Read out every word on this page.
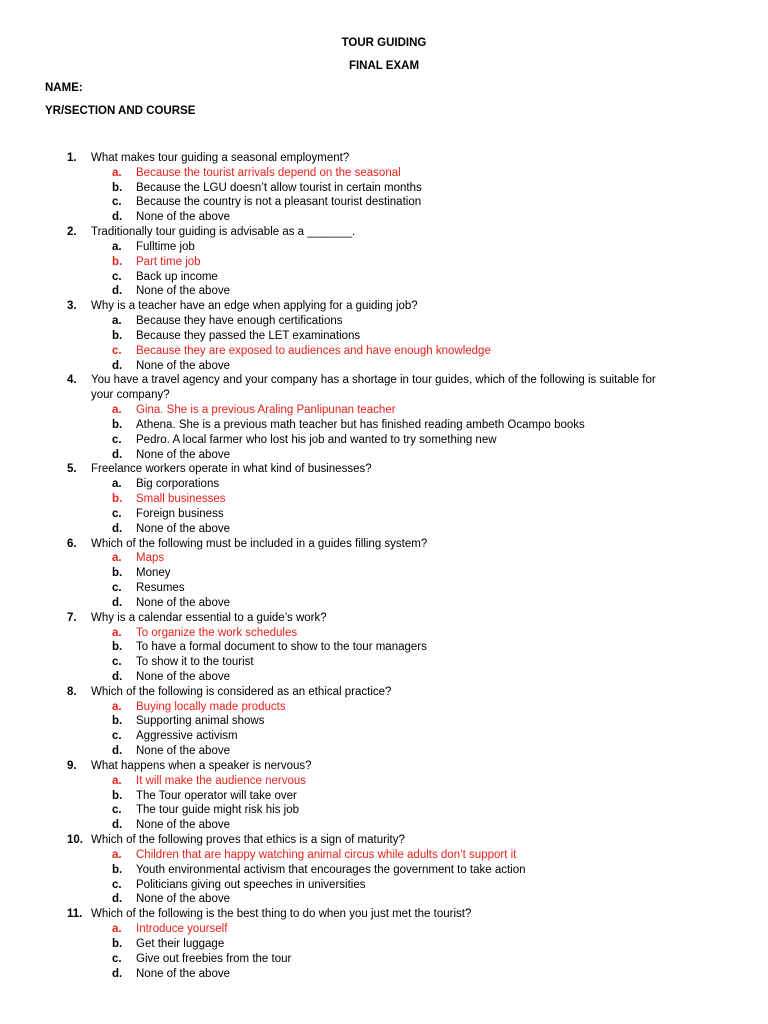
TOUR GUIDING
FINAL EXAM
NAME:
YR/SECTION AND COURSE
1. What makes tour guiding a seasonal employment?
a. Because the tourist arrivals depend on the seasonal
b. Because the LGU doesn’t allow tourist in certain months
c. Because the country is not a pleasant tourist destination
d. None of the above
2. Traditionally tour guiding is advisable as a _______.
a. Fulltime job
b. Part time job
c. Back up income
d. None of the above
3. Why is a teacher have an edge when applying for a guiding job?
a. Because they have enough certifications
b. Because they passed the LET examinations
c. Because they are exposed to audiences and have enough knowledge
d. None of the above
4. You have a travel agency and your company has a shortage in tour guides, which of the following is suitable for
your company?
a. Gina. She is a previous Araling Panlipunan teacher
b. Athena. She is a previous math teacher but has finished reading ambeth Ocampo books
c. Pedro. A local farmer who lost his job and wanted to try something new
d. None of the above
5. Freelance workers operate in what kind of businesses?
a. Big corporations
b. Small businesses
c. Foreign business
d. None of the above
6. Which of the following must be included in a guides filling system?
a. Maps
b. Money
c. Resumes
d. None of the above
7. Why is a calendar essential to a guide’s work?
a. To organize the work schedules
b. To have a formal document to show to the tour managers
c. To show it to the tourist
d. None of the above
8. Which of the following is considered as an ethical practice?
a. Buying locally made products
b. Supporting animal shows
c. Aggressive activism
d. None of the above
9. What happens when a speaker is nervous?
a. It will make the audience nervous
b. The Tour operator will take over
c. The tour guide might risk his job
d. None of the above
10. Which of the following proves that ethics is a sign of maturity?
a. Children that are happy watching animal circus while adults don’t support it
b. Youth environmental activism that encourages the government to take action
c. Politicians giving out speeches in universities
d. None of the above
11. Which of the following is the best thing to do when you just met the tourist?
a. Introduce yourself
b. Get their luggage
c. Give out freebies from the tour
d. None of the above
